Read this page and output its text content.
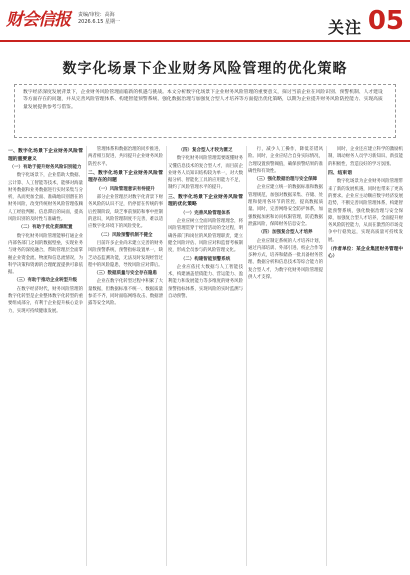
财会信报 责编/审校：高海
2026.6.15 星期一	关注 05
数字化场景下企业财务风险管理的优化策略
数字经济深度发展背景下，企业财务风险管理面临新的机遇与挑战。本文分析数字化场景下企业财务风险管理的重要意义，探讨当前企业在风险识别、预警机制、人才建设等方面存在的问题，并从完善风险管理体系、构建智能预警系统、强化数据治理与加强复合型人才培养等方面提出优化策略，以期为企业提升财务风险防控能力、实现高质量发展提供参考与借鉴。
一、数字化场景下企业财务风险管理的重要意义
（一）有助于提升财务风险识别能力

数字化场景下，企业借助大数据、云计算、人工智能等技术，能够对海量财务数据和业务数据进行实时采集与分析，从而更加全面、准确地识别潜在的财务风险，改变传统财务风险管理依赖人工经验判断、信息滞后的局面，提高风险识别的及时性与准确性。

（二）有助于优化资源配置

数字化财务风险管理能够打通企业内部各部门之间的数据壁垒，实现业务与财务的深度融合，帮助管理层全面掌握企业资金流、物流和信息流情况，为科学决策和资源的合理配置提供可靠依据。

（三）有助于推动企业转型升级

在数字经济时代，财务风险管理的数字化转型是企业整体数字化转型的重要组成部分，有利于企业提升核心竞争力，实现可持续健康发展。

管理体系和数据治理的同步推进，两者相互促进，共同提升企业财务风险防控水平。

二、数字化场景下企业财务风险管理存在的问题
（一）风险管理意识有待提升

部分企业管理层对数字化背景下财务风险的认识不足，仍停留在传统的事后控制阶段，缺乏事前预防和事中控制的意识，风险管理制度不完善，难以适应数字化环境下的风险变化。

（二）风险预警机制不健全

目前许多企业尚未建立完善的财务风险预警系统，预警指标设置单一，缺乏动态监测功能，无法及时发现经营过程中的风险隐患，导致风险应对滞后。

（三）数据质量与安全存在隐患

企业在数字化转型过程中积累了大量数据，但数据标准不统一、数据质量参差不齐，同时面临网络攻击、数据泄露等安全风险。

（四）复合型人才较为匮乏

数字化财务风险管理需要既懂财务又懂信息技术的复合型人才，而目前企业财务人员知识结构较为单一，对大数据分析、智能化工具的应用能力不足，制约了风险管理水平的提升。

三、数字化场景下企业财务风险管理的优化策略
（一）完善风险管理体系

企业应树立全面风险管理理念，将风险管理贯穿于经营活动的全过程，明确各部门和岗位的风险管理职责，建立健全风险评估、风险应对和监督考核制度，形成全员参与的风险管理文化。

（二）构建智能预警系统

企业应依托大数据与人工智能技术，构建涵盖偿债能力、营运能力、盈利能力和发展能力等多维度的财务风险预警指标体系，实现风险的实时监测与自动预警。

行，减少人工操作，降低差错风险。同时，企业应结合自身实际情况，合理设置预警阈值，确保预警结果的准确性和有效性。

（三）强化数据治理与安全保障

企业应建立统一的数据标准和数据管理规范，加强对数据采集、存储、处理和使用各环节的管控，提高数据质量。同时，完善网络安全防护体系，加强数据加密和访问权限管理，防范数据泄露风险，保障财务信息安全。

（四）加强复合型人才培养

企业应制定系统的人才培养计划，通过内部培训、外部引进、校企合作等多种方式，培养和储备一批具备财务管理、数据分析和信息技术等综合能力的复合型人才，为数字化财务风险管理提供人才支撑。

同时，企业还应建立科学的激励机制，调动财务人员学习新知识、新技能的积极性，营造良好的学习氛围。

四、结束语

数字化场景为企业财务风险管理带来了新的发展机遇，同时也带来了更高的要求。企业应主动顺应数字经济发展趋势，不断完善风险管理体系，构建智能预警系统，强化数据治理与安全保障，加强复合型人才培养，全面提升财务风险防控能力，从而在激烈的市场竞争中行稳致远，实现高质量可持续发展。

（作者单位：某企业集团财务管理中心）
